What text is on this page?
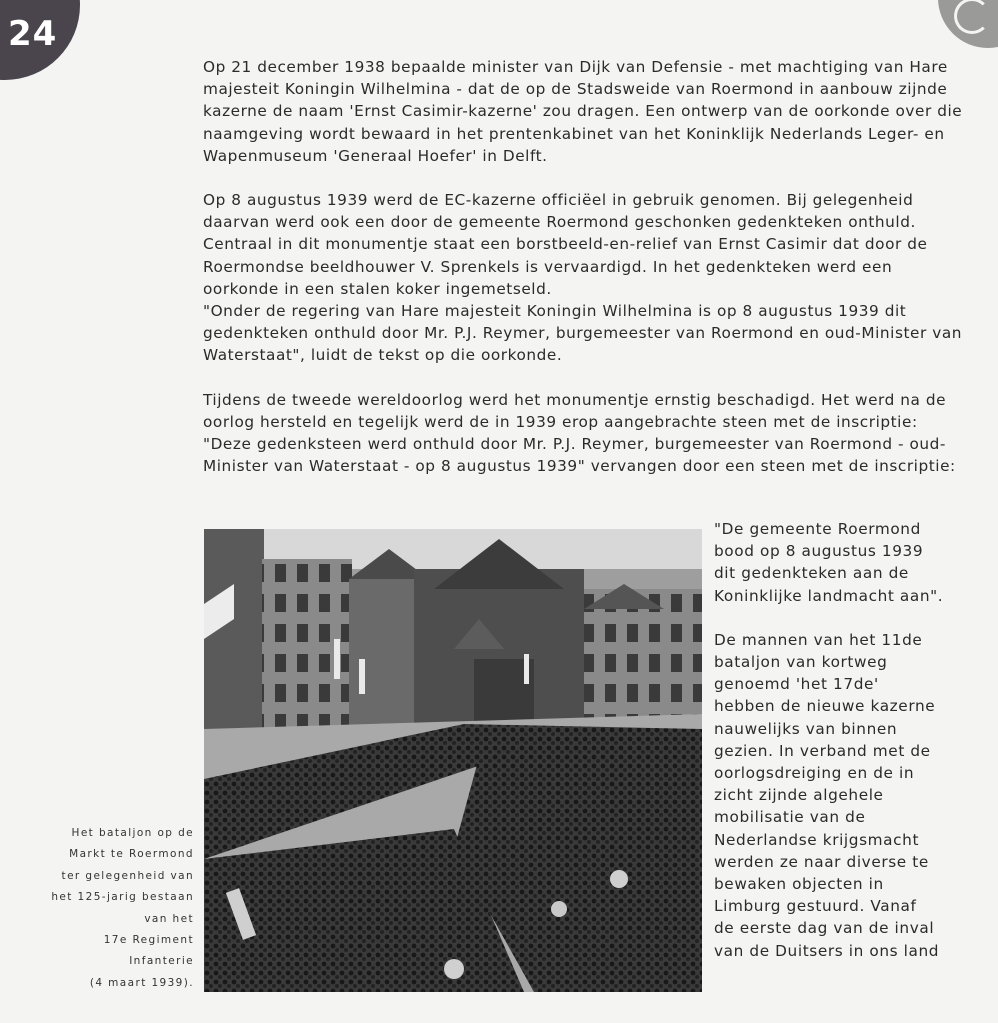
24

Op 21 december 1938 bepaalde minister van Dijk van Defensie - met machtiging van Hare majesteit Koningin Wilhelmina - dat de op de Stadsweide van Roermond in aanbouw zijnde kazerne de naam 'Ernst Casimir-kazerne' zou dragen. Een ontwerp van de oorkonde over die naamgeving wordt bewaard in het prentenkabinet van het Koninklijk Nederlands Leger- en Wapenmuseum 'Generaal Hoefer' in Delft.

Op 8 augustus 1939 werd de EC-kazerne officiëel in gebruik genomen. Bij gelegenheid daarvan werd ook een door de gemeente Roermond geschonken gedenkteken onthuld.

Centraal in dit monumentje staat een borstbeeld-en-relief van Ernst Casimir dat door de Roermondse beeldhouwer V. Sprenkels is vervaardigd. In het gedenkteken werd een oorkonde in een stalen koker ingemetseld.

"Onder de regering van Hare majesteit Koningin Wilhelmina is op 8 augustus 1939 dit gedenkteken onthuld door Mr. P.J. Reymer, burgemeester van Roermond en oud-Minister van Waterstaat", luidt de tekst op die oorkonde.

Tijdens de tweede wereldoorlog werd het monumentje ernstig beschadigd. Het werd na de oorlog hersteld en tegelijk werd de in 1939 erop aangebrachte steen met de inscriptie: "Deze gedenksteen werd onthuld door Mr. P.J. Reymer, burgemeester van Roermond - oud-Minister van Waterstaat - op 8 augustus 1939" vervangen door een steen met de inscriptie:

Het bataljon op de
Markt te Roermond
ter gelegenheid van
het 125-jarig bestaan
van het
17e Regiment
Infanterie
(4 maart 1939).
"De gemeente Roermond
bood op 8 augustus 1939
dit gedenkteken aan de
Koninklijke landmacht aan".
De mannen van het 11de
bataljon van kortweg
genoemd 'het 17de'
hebben de nieuwe kazerne
nauwelijks van binnen
gezien. In verband met de
oorlogsdreiging en de in
zicht zijnde algehele
mobilisatie van de
Nederlandse krijgsmacht
werden ze naar diverse te
bewaken objecten in
Limburg gestuurd. Vanaf
de eerste dag van de inval
van de Duitsers in ons land
